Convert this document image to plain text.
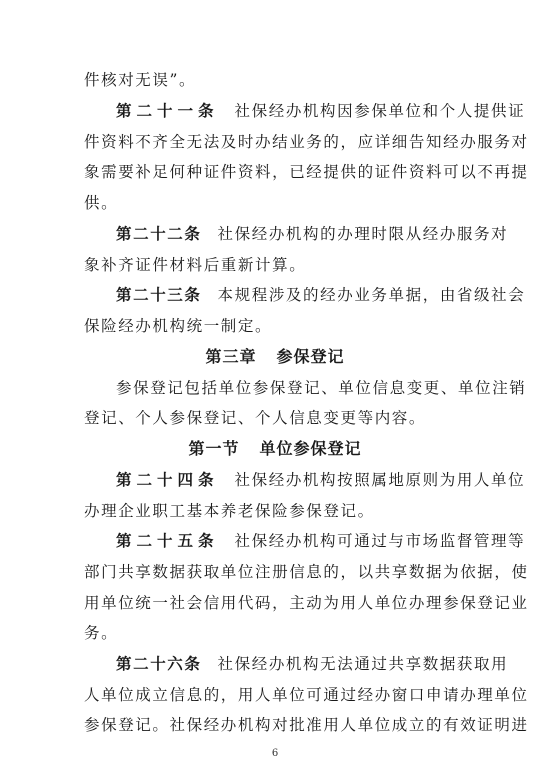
件核对无误”。
第二十一条 社保经办机构因参保单位和个人提供证
件资料不齐全无法及时办结业务的，应详细告知经办服务对
象需要补足何种证件资料，已经提供的证件资料可以不再提
供。
第二十二条 社保经办机构的办理时限从经办服务对
象补齐证件材料后重新计算。
第二十三条 本规程涉及的经办业务单据，由省级社会
保险经办机构统一制定。
第三章 参保登记
参保登记包括单位参保登记、单位信息变更、单位注销
登记、个人参保登记、个人信息变更等内容。
第一节 单位参保登记
第二十四条 社保经办机构按照属地原则为用人单位
办理企业职工基本养老保险参保登记。
第二十五条 社保经办机构可通过与市场监督管理等
部门共享数据获取单位注册信息的，以共享数据为依据，使
用单位统一社会信用代码，主动为用人单位办理参保登记业
务。
第二十六条 社保经办机构无法通过共享数据获取用
人单位成立信息的，用人单位可通过经办窗口申请办理单位
参保登记。社保经办机构对批准用人单位成立的有效证明进
6
